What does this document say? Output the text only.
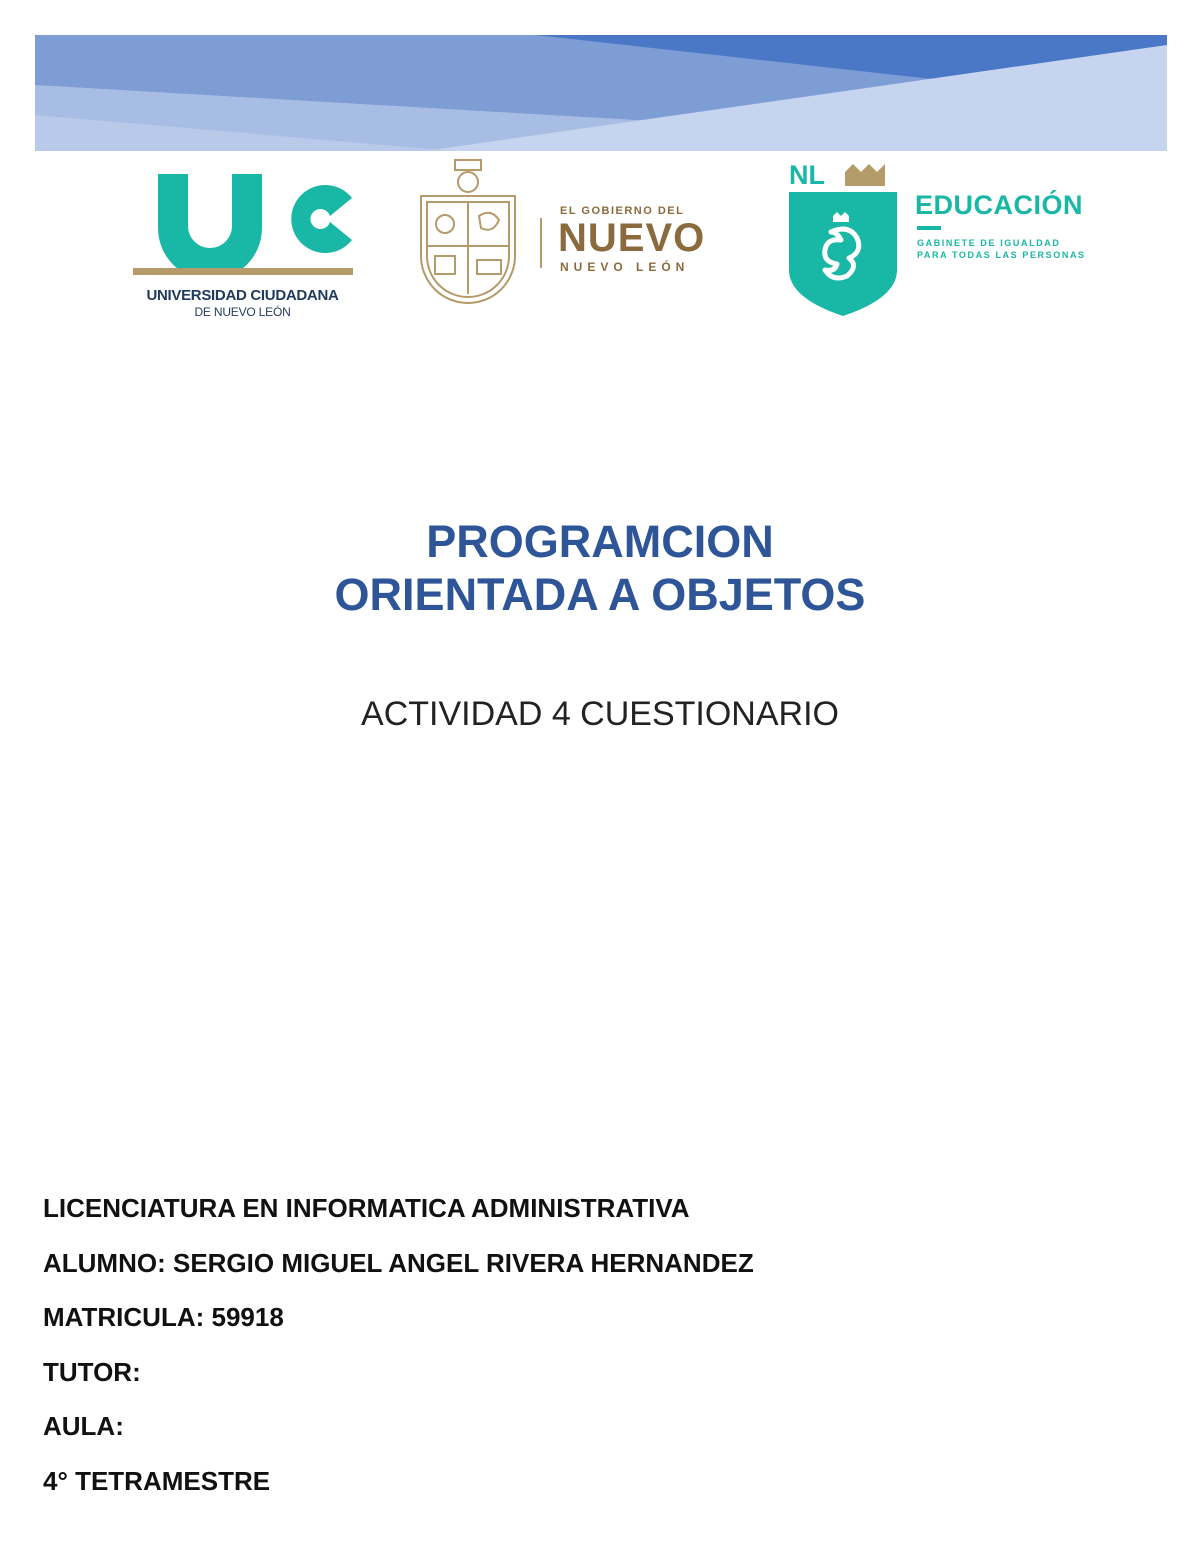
UNIVERSIDAD CIUDADANA
DE NUEVO LEÓN
EL GOBIERNO DEL
NUEVO
NUEVO LEÓN
NL
EDUCACIÓN
GABINETE DE IGUALDAD
PARA TODAS LAS PERSONAS
PROGRAMCION
ORIENTADA A OBJETOS
ACTIVIDAD 4 CUESTIONARIO
LICENCIATURA EN INFORMATICA ADMINISTRATIVA
ALUMNO: SERGIO MIGUEL ANGEL RIVERA HERNANDEZ
MATRICULA: 59918
TUTOR:
AULA:
4° TETRAMESTRE
